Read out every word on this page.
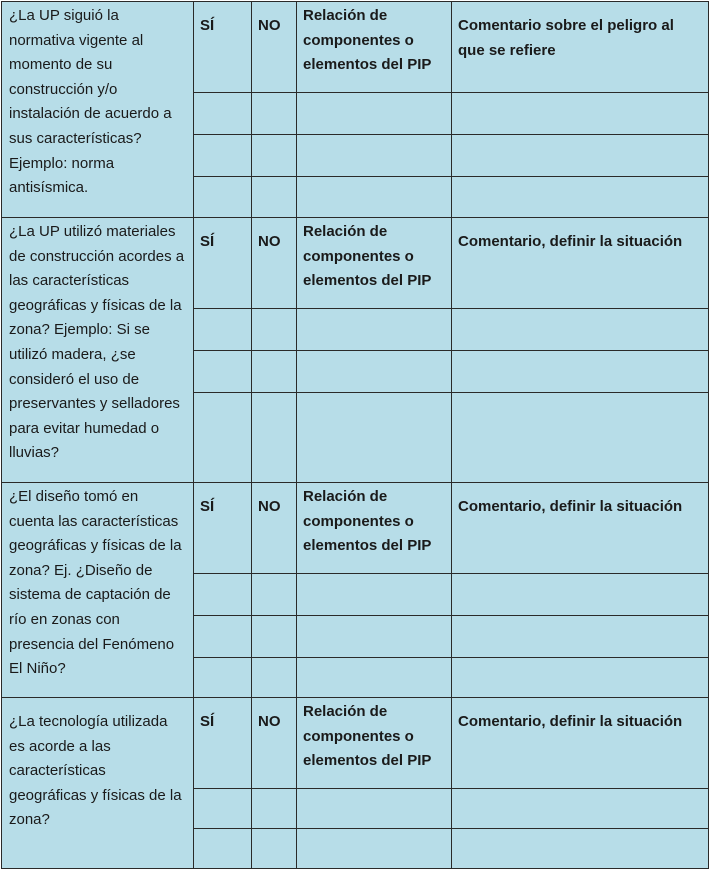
¿La UP siguió la normativa vigente al momento de su construcción y/o instalación de acuerdo a sus características? Ejemplo: norma antisísmica.	SÍ	NO	Relación de componentes o elementos del PIP	Comentario sobre el peligro al que se refiere

¿La UP utilizó materiales de construcción acordes a las características geográficas y físicas de la zona? Ejemplo: Si se utilizó madera, ¿se consideró el uso de preservantes y selladores para evitar humedad o lluvias?	SÍ	NO	Relación de componentes o elementos del PIP	Comentario, definir la situación

¿El diseño tomó en cuenta las características geográficas y físicas de la zona? Ej. ¿Diseño de sistema de captación de río en zonas con presencia del Fenómeno El Niño?	SÍ	NO	Relación de componentes o elementos del PIP	Comentario, definir la situación

¿La tecnología utilizada es acorde a las características geográficas y físicas de la zona?	SÍ	NO	Relación de componentes o elementos del PIP	Comentario, definir la situación
